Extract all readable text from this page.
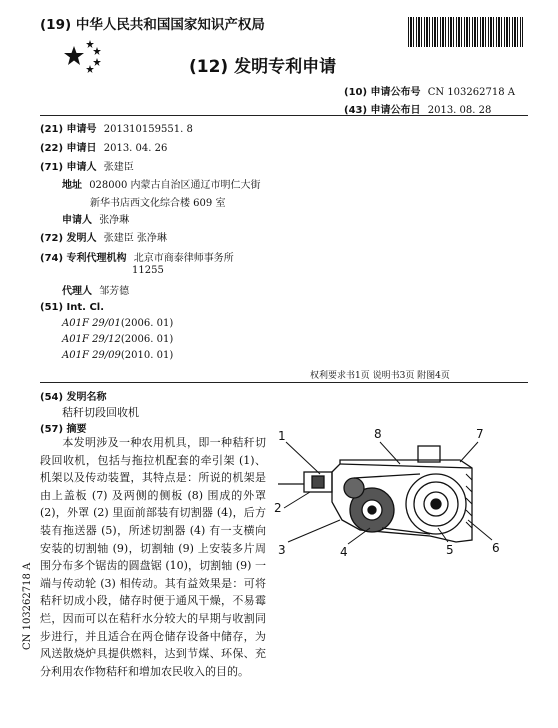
(19) 中华人民共和国国家知识产权局
(12) 发明专利申请
(10) 申请公布号 CN 103262718 A
(43) 申请公布日 2013. 08. 28
(21) 申请号 201310159551. 8
(22) 申请日 2013. 04. 26
(71) 申请人 张建臣
地址 028000 内蒙古自治区通辽市明仁大街
新华书店西文化综合楼 609 室
申请人 张净琳
(72) 发明人 张建臣 张净琳
(74) 专利代理机构 北京市商泰律师事务所
11255
代理人 邹芳德
(51) Int. Cl.
A01F 29/01(2006. 01)
A01F 29/12(2006. 01)
A01F 29/09(2010. 01)
权利要求书1页 说明书3页 附图4页
(54) 发明名称
秸秆切段回收机
(57) 摘要
本发明涉及一种农用机具，即一种秸秆切段回收机，包括与拖拉机配套的牵引架 (1)、机架以及传动装置，其特点是：所说的机架是由上盖板 (7) 及两侧的侧板 (8) 围成的外罩 (2)，外罩 (2) 里面前部装有切割器 (4)，后方装有拖送器 (5)，所述切割器 (4) 有一支横向安装的切割轴 (9)，切割轴 (9) 上安装多片周围分布多个锯齿的圆盘锯 (10)，切割轴 (9) 一端与传动轮 (3) 相传动。其有益效果是：可将秸秆切成小段，储存时便于通风干燥，不易霉烂，因而可以在秸秆水分较大的早期与收割同步进行，并且适合在两仓储存设备中储存，为风送散烧炉具提供燃料，达到节煤、环保、充分利用农作物秸秆和增加农民收入的目的。
1
2
3	4	5	6
7
8
CN 103262718 A
